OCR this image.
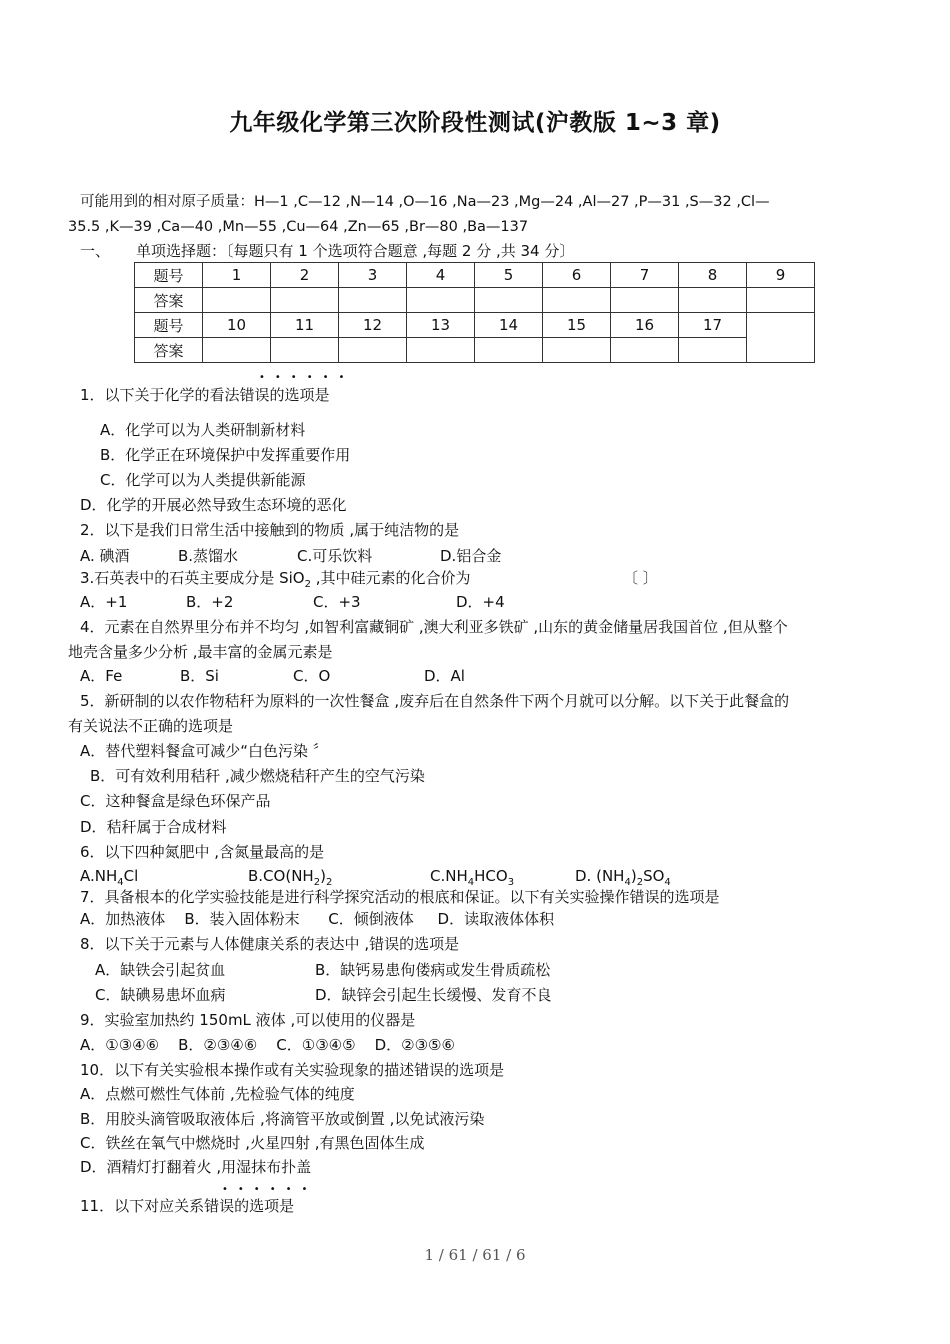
九年级化学第三次阶段性测试(沪教版 1~3 章)
可能用到的相对原子质量：H—1 ,C—12 ,N—14 ,O—16 ,Na—23 ,Mg—24 ,Al—27 ,P—31 ,S—32 ,Cl—
35.5 ,K—39 ,Ca—40 ,Mn—55 ,Cu—64 ,Zn—65 ,Br—80 ,Ba—137
一、 单项选择题：〔每题只有 1 个选项符合题意 ,每题 2 分 ,共 34 分〕
题号	1	2	3	4	5	6	7	8	9
答案									
题号	10	11	12	13	14	15	16	17	
答案									
••••••
1．以下关于化学的看法错误的选项是
A．化学可以为人类研制新材料
B．化学正在环境保护中发挥重要作用
C．化学可以为人类提供新能源
D．化学的开展必然导致生态环境的恶化
2．以下是我们日常生活中接触到的物质 ,属于纯洁物的是
A. 碘酒	B.蒸馏水	C.可乐饮料	D.铝合金
3.石英表中的石英主要成分是 SiO$_2$ ,其中硅元素的化合价为	〔 〕
A．+1	B．+2	C．+3	D．+4
4．元素在自然界里分布并不均匀 ,如智利富藏铜矿 ,澳大利亚多铁矿 ,山东的黄金储量居我国首位 ,但从整个
地壳含量多少分析 ,最丰富的金属元素是
A．Fe	B．Si	C．O	D．Al
5．新研制的以农作物秸秆为原料的一次性餐盒 ,废弃后在自然条件下两个月就可以分解。以下关于此餐盒的
有关说法不正确的选项是
A．替代塑料餐盒可减少“白色污染 〞
B．可有效利用秸秆 ,减少燃烧秸秆产生的空气污染
C．这种餐盒是绿色环保产品
D．秸秆属于合成材料
6．以下四种氮肥中 ,含氮量最高的是
$A.NH_4Cl$	$B.CO(NH_2)_2$	$C.NH_4HCO_3$	D. $(NH_4)_2SO_4$
7．具备根本的化学实验技能是进行科学探究活动的根底和保证。以下有关实验操作错误的选项是
A．加热液体    B．装入固体粉末      C．倾倒液体     D．读取液体体积
8．以下关于元素与人体健康关系的表达中 ,错误的选项是
A．缺铁会引起贫血	B．缺钙易患佝偻病或发生骨质疏松
C．缺碘易患坏血病	D．缺锌会引起生长缓慢、发育不良
9．实验室加热约 150mL 液体 ,可以使用的仪器是
A．①③④⑥    B．②③④⑥    C．①③④⑤    D．②③⑤⑥
10．以下有关实验根本操作或有关实验现象的描述错误的选项是
A．点燃可燃性气体前 ,先检验气体的纯度
B．用胶头滴管吸取液体后 ,将滴管平放或倒置 ,以免试液污染
C．铁丝在氧气中燃烧时 ,火星四射 ,有黑色固体生成
D．酒精灯打翻着火 ,用湿抹布扑盖
••••••
11．以下对应关系错误的选项是
1 / 61 / 61 / 6
